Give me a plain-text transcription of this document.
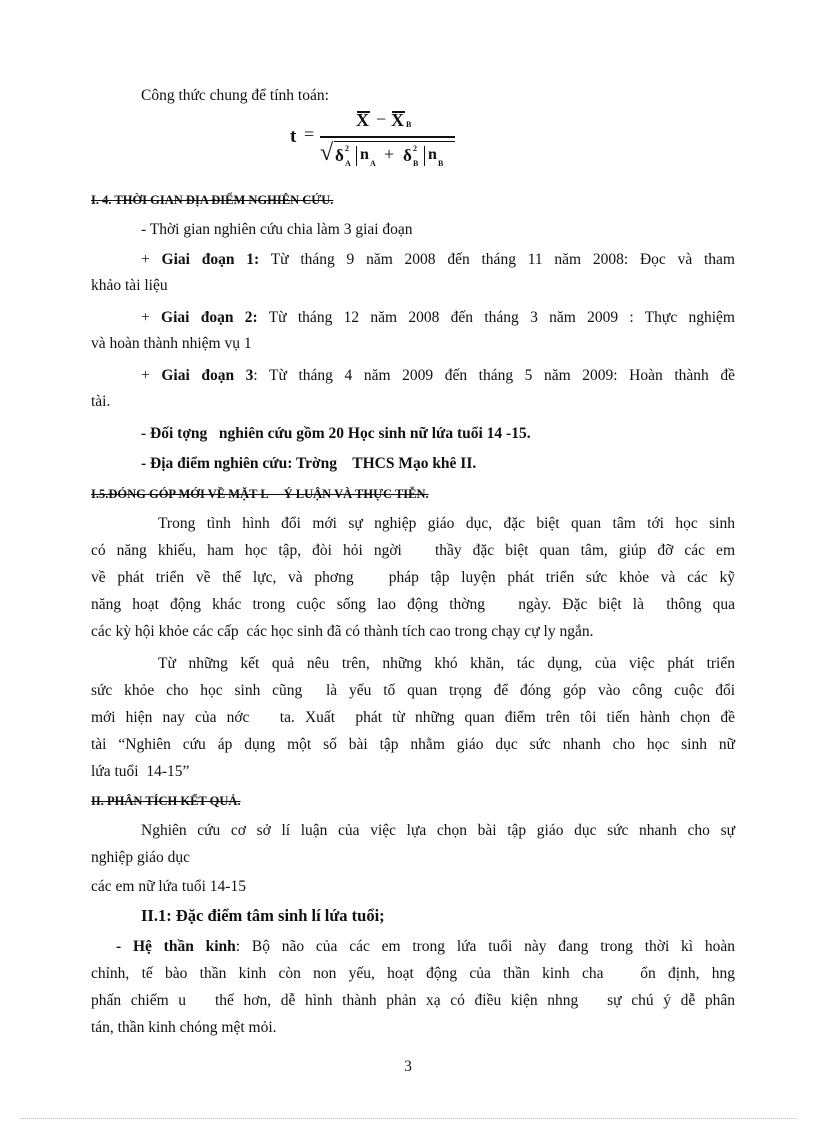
Công thức chung để tính toán:
t =
X − X B
√ δ 2
A
n
A + δ 2
B
n
B
I. 4. THỜI GIAN ĐỊA ĐIỂM NGHIÊN CỨU.
- Thời gian nghiên cứu chia làm 3 giai đoạn
+ Giai đoạn 1: Từ tháng 9 năm 2008 đến tháng 11 năm 2008: Đọc và tham
khảo tài liệu
+ Giai đoạn 2: Từ tháng 12 năm 2008 đến tháng 3 năm 2009 : Thực nghiệm
và hoàn thành nhiệm vụ 1
+ Giai đoạn 3: Từ tháng 4 năm 2009 đến tháng 5 năm 2009: Hoàn thành đề
tài.
- Đối tợng   nghiên cứu gồm 20 Học sinh nữ lứa tuổi 14 -15.
- Địa điểm nghiên cứu: Trờng    THCS Mạo khê II.
I.5.ĐÓNG GÓP MỚI VỀ MẶT L     Ý LUẬN VÀ THỰC TIỄN.
Trong tình hình đổi mới sự nghiệp giáo dục, đặc biệt quan tâm tới học sinh
có năng khiếu, ham học tập, đòi hỏi ngời   thầy đặc biệt quan tâm, giúp đỡ các em
về phát triển về thể lực, và phơng   pháp tập luyện phát triển sức khỏe và các kỹ
năng hoạt động khác trong cuộc sống lao động thờng   ngày. Đặc biệt là  thông qua
các kỳ hội khỏe các cấp  các học sinh đã có thành tích cao trong chạy cự ly ngắn.
Từ những kết quả nêu trên, những khó khăn, tác dụng, của việc phát triển
sức khỏe cho học sinh cũng  là yếu tố quan trọng để đóng góp vào công cuộc đổi
mới hiện nay của nớc   ta. Xuất  phát từ những quan điểm trên tôi tiến hành chọn đề
tài “Nghiên cứu áp dụng một số bài tập nhằm giáo dục sức nhanh cho học sinh nữ
lứa tuổi  14-15”
II. PHÂN TÍCH KẾT QUẢ.
Nghiên cứu cơ sở lí luận của việc lựa chọn bài tập giáo dục sức nhanh cho sự
nghiệp giáo dục
các em nữ lứa tuổi 14-15
II.1: Đặc điểm tâm sinh lí lứa tuổi;
- Hệ thần kinh: Bộ não của các em trong lứa tuổi này đang trong thời kì hoàn
chỉnh, tế bào thần kinh còn non yếu, hoạt động của thần kinh cha   ổn định, hng
phấn chiếm u   thế hơn, dễ hình thành phản xạ có điều kiện nhng   sự chú ý dễ phân
tán, thần kinh chóng mệt mỏi.
3
